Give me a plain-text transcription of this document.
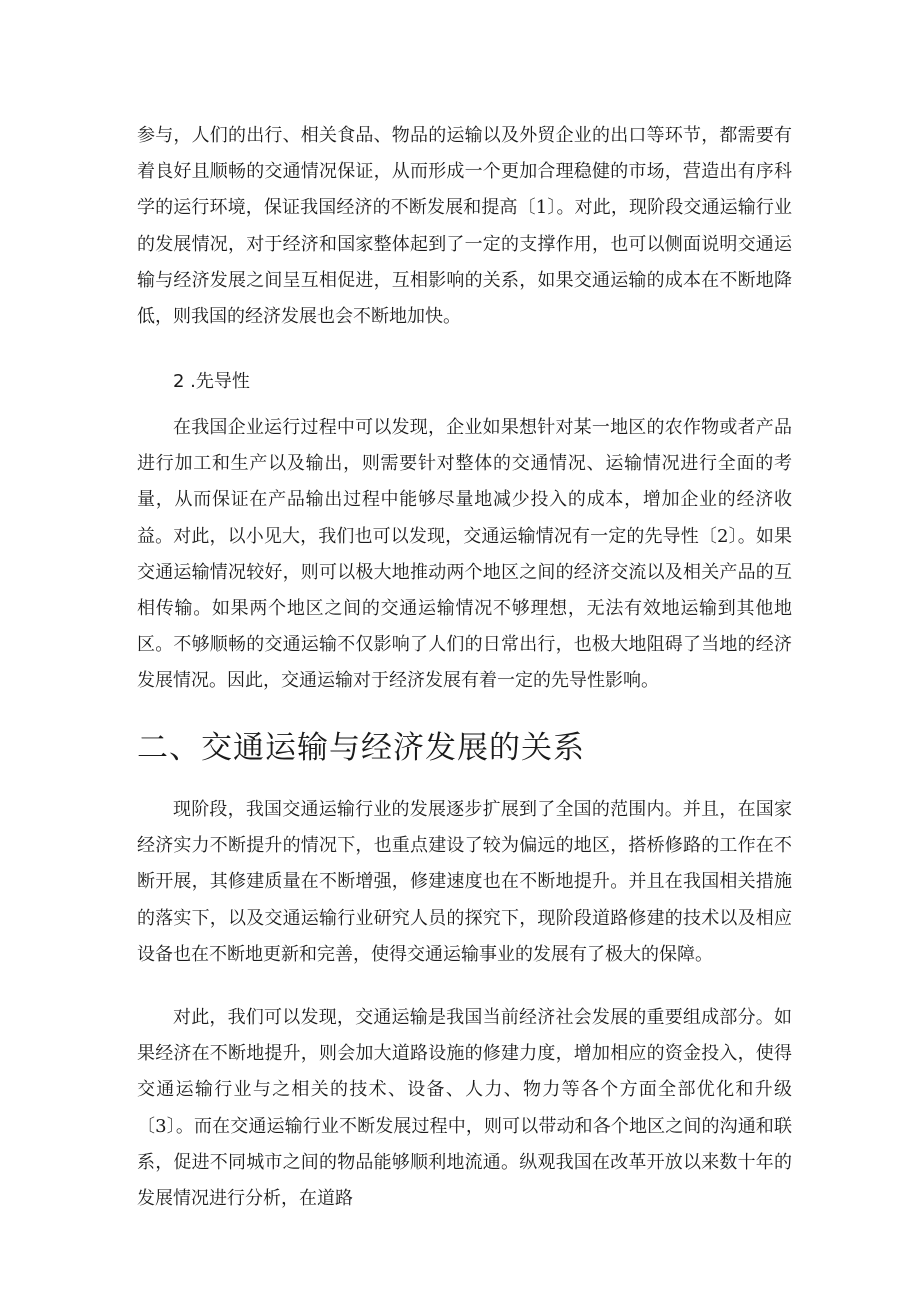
参与，人们的出行、相关食品、物品的运输以及外贸企业的出口等环节，都需要有着良好且顺畅的交通情况保证，从而形成一个更加合理稳健的市场，营造出有序科学的运行环境，保证我国经济的不断发展和提高〔1〕。对此，现阶段交通运输行业的发展情况，对于经济和国家整体起到了一定的支撑作用，也可以侧面说明交通运输与经济发展之间呈互相促进，互相影响的关系，如果交通运输的成本在不断地降低，则我国的经济发展也会不断地加快。

2 .先导性

在我国企业运行过程中可以发现，企业如果想针对某一地区的农作物或者产品进行加工和生产以及输出，则需要针对整体的交通情况、运输情况进行全面的考量，从而保证在产品输出过程中能够尽量地减少投入的成本，增加企业的经济收益。对此，以小见大，我们也可以发现，交通运输情况有一定的先导性〔2〕。如果交通运输情况较好，则可以极大地推动两个地区之间的经济交流以及相关产品的互相传输。如果两个地区之间的交通运输情况不够理想，无法有效地运输到其他地区。不够顺畅的交通运输不仅影响了人们的日常出行，也极大地阻碍了当地的经济发展情况。因此，交通运输对于经济发展有着一定的先导性影响。

二、交通运输与经济发展的关系

现阶段，我国交通运输行业的发展逐步扩展到了全国的范围内。并且，在国家经济实力不断提升的情况下，也重点建设了较为偏远的地区，搭桥修路的工作在不断开展，其修建质量在不断增强，修建速度也在不断地提升。并且在我国相关措施的落实下，以及交通运输行业研究人员的探究下，现阶段道路修建的技术以及相应设备也在不断地更新和完善，使得交通运输事业的发展有了极大的保障。

对此，我们可以发现，交通运输是我国当前经济社会发展的重要组成部分。如果经济在不断地提升，则会加大道路设施的修建力度，增加相应的资金投入，使得交通运输行业与之相关的技术、设备、人力、物力等各个方面全部优化和升级〔3〕。而在交通运输行业不断发展过程中，则可以带动和各个地区之间的沟通和联系，促进不同城市之间的物品能够顺利地流通。纵观我国在改革开放以来数十年的发展情况进行分析，在道路
